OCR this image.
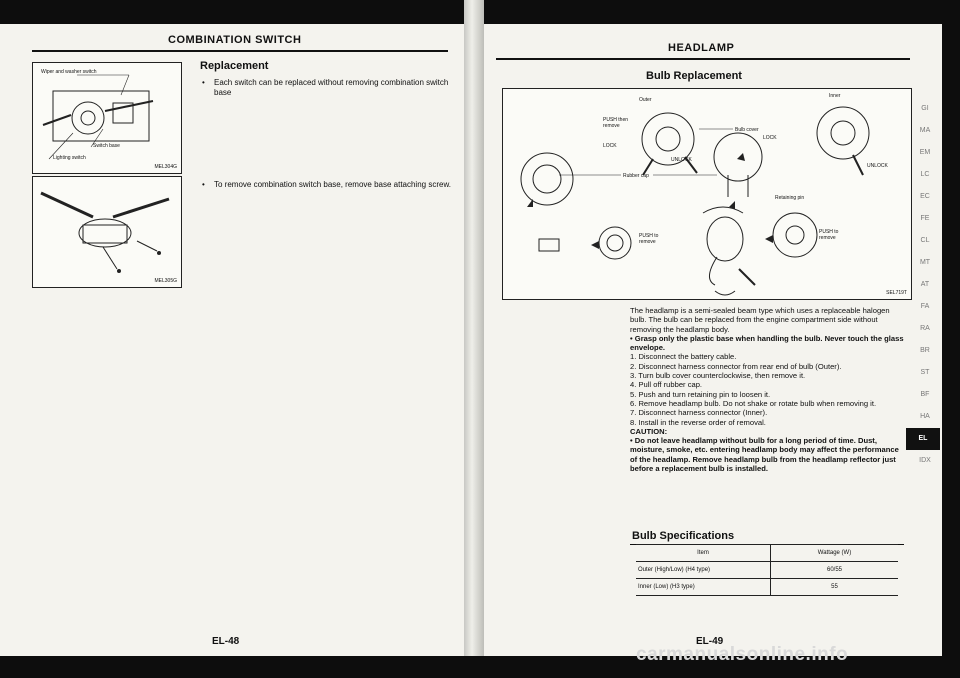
COMBINATION SWITCH
Wiper and washer switch
Switch base
Lighting switch
MEL304G
MEL305G
Replacement
• Each switch can be replaced without removing combination switch base
• To remove combination switch base, remove base attaching screw.
EL-48
HEADLAMP
Bulb Replacement
Outer
Inner
PUSH then remove
LOCK
LOCK
UNLOCK
UNLOCK
Bulb cover
Rubber cap
Retaining pin
PUSH to remove
PUSH to remove
SEL719T

The headlamp is a semi-sealed beam type which uses a replaceable halogen bulb. The bulb can be replaced from the engine compartment side without removing the headlamp body.

• Grasp only the plastic base when handling the bulb. Never touch the glass envelope.

1. Disconnect the battery cable.

2. Disconnect harness connector from rear end of bulb (Outer).

3. Turn bulb cover counterclockwise, then remove it.

4. Pull off rubber cap.

5. Push and turn retaining pin to loosen it.

6. Remove headlamp bulb. Do not shake or rotate bulb when removing it.

7. Disconnect harness connector (Inner).

8. Install in the reverse order of removal.

CAUTION:

• Do not leave headlamp without bulb for a long period of time. Dust, moisture, smoke, etc. entering headlamp body may affect the performance of the headlamp. Remove headlamp bulb from the headlamp reflector just before a replacement bulb is installed.

Bulb Specifications
Item	Wattage (W)
Outer (High/Low) (H4 type)	60/55
Inner (Low) (H3 type)	55
EL-49
GI
MA
EM
LC
EC
FE
CL
MT
AT
FA
RA
BR
ST
BF
HA
EL
IDX
carmanualsonline.info
